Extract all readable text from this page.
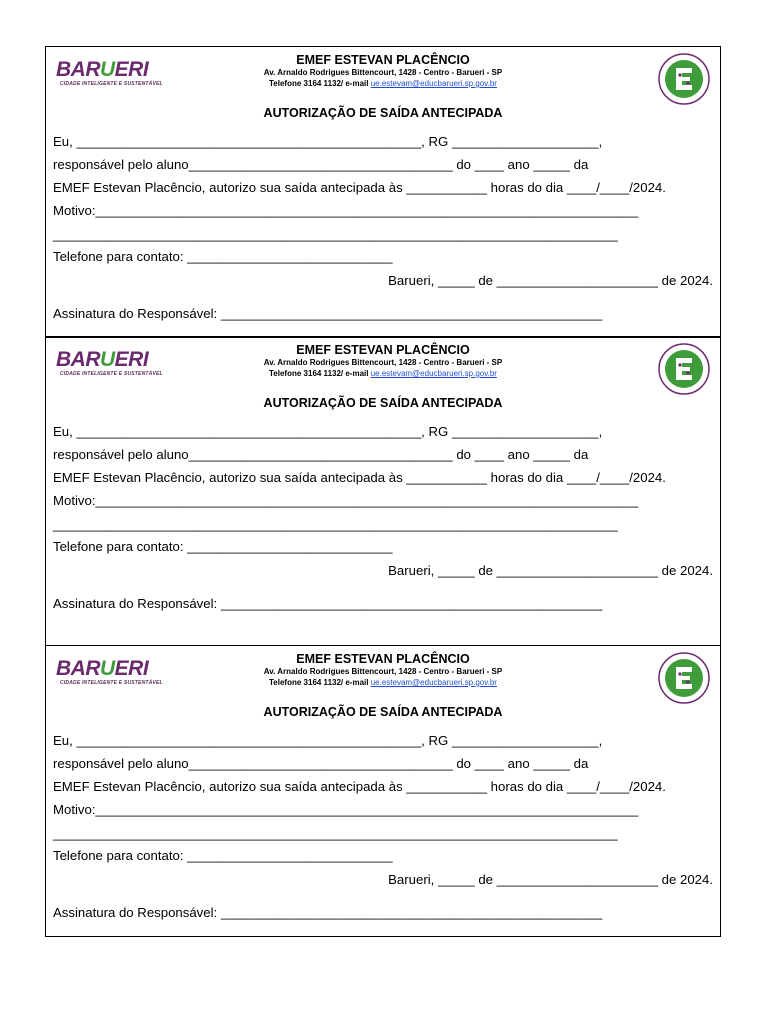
BARUERI
CIDADE INTELIGENTE E SUSTENTÁVEL
EMEF ESTEVAN PLACÊNCIO
Av. Arnaldo Rodrigues Bittencourt, 1428 - Centro - Barueri - SP
Telefone 3164 1132/ e-mail ue.estevam@educbarueri.sp.gov.br
AUTORIZAÇÃO DE SAÍDA ANTECIPADA
Eu, _______________________________________________, RG ____________________,
responsável pelo aluno____________________________________ do ____ ano _____ da
EMEF Estevan Placêncio, autorizo sua saída antecipada às ___________ horas do dia ____/____/2024.
Motivo:__________________________________________________________________________
_____________________________________________________________________________
Telefone para contato: ____________________________
Barueri, _____ de ______________________ de 2024.
Assinatura do Responsável: ____________________________________________________
BARUERI
CIDADE INTELIGENTE E SUSTENTÁVEL
EMEF ESTEVAN PLACÊNCIO
Av. Arnaldo Rodrigues Bittencourt, 1428 - Centro - Barueri - SP
Telefone 3164 1132/ e-mail ue.estevam@educbarueri.sp.gov.br
AUTORIZAÇÃO DE SAÍDA ANTECIPADA
Eu, _______________________________________________, RG ____________________,
responsável pelo aluno____________________________________ do ____ ano _____ da
EMEF Estevan Placêncio, autorizo sua saída antecipada às ___________ horas do dia ____/____/2024.
Motivo:__________________________________________________________________________
_____________________________________________________________________________
Telefone para contato: ____________________________
Barueri, _____ de ______________________ de 2024.
Assinatura do Responsável: ____________________________________________________
BARUERI
CIDADE INTELIGENTE E SUSTENTÁVEL
EMEF ESTEVAN PLACÊNCIO
Av. Arnaldo Rodrigues Bittencourt, 1428 - Centro - Barueri - SP
Telefone 3164 1132/ e-mail ue.estevam@educbarueri.sp.gov.br
AUTORIZAÇÃO DE SAÍDA ANTECIPADA
Eu, _______________________________________________, RG ____________________,
responsável pelo aluno____________________________________ do ____ ano _____ da
EMEF Estevan Placêncio, autorizo sua saída antecipada às ___________ horas do dia ____/____/2024.
Motivo:__________________________________________________________________________
_____________________________________________________________________________
Telefone para contato: ____________________________
Barueri, _____ de ______________________ de 2024.
Assinatura do Responsável: ____________________________________________________
